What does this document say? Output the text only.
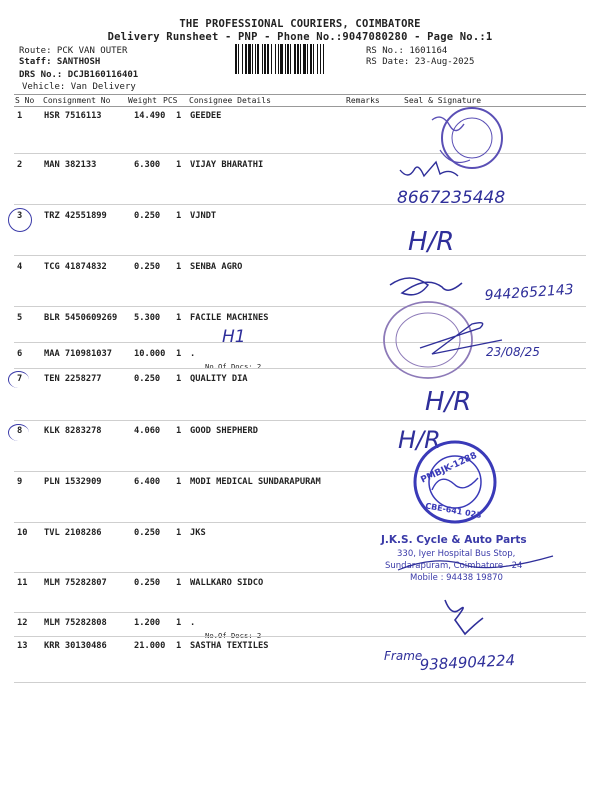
THE PROFESSIONAL COURIERS, COIMBATORE
Delivery Runsheet - PNP - Phone No.:9047080280 - Page No.:1
Route: PCK VAN OUTER
Staff: SANTHOSH
DRS No.: DCJB160116401
Vehicle: Van Delivery
RS No.: 1601164
RS Date: 23-Aug-2025
S No Consignment No Weight PCS Consignee Details	Remarks	Seal & Signature
1	HSR 7516113	14.490 1 GEEDEE
2	MAN 382133	6.300 1 VIJAY BHARATHI
3	TRZ 42551899	0.250 1 VJNDT
4	TCG 41874832	0.250 1 SENBA AGRO
5	BLR 5450609269 5.300 1 FACILE MACHINES
6	MAA 710981037	10.000 1 .
No.Of Docs: 2
7	TEN 2258277	0.250 1 QUALITY DIA
8	KLK 8283278	4.060 1 GOOD SHEPHERD
9	PLN 1532909	6.400 1 MODI MEDICAL SUNDARAPURAM
10 TVL 2108286	0.250 1 JKS
11 MLM 75282807	0.250 1 WALLKARO SIDCO
12 MLM 75282808	1.200 1 .
No.Of Docs: 2
13 KRR 30130486	21.000 1 SASTHA TEXTILES
8667235448
H/R
9442652143
H1
23/08/25
H/R
H/R
PMBJK-1288
CBE-641 023
J.K.S. Cycle & Auto Parts
330, Iyer Hospital Bus Stop,
Sundarapuram, Coimbatore - 24
Mobile : 94438 19870
Frame
9384904224
